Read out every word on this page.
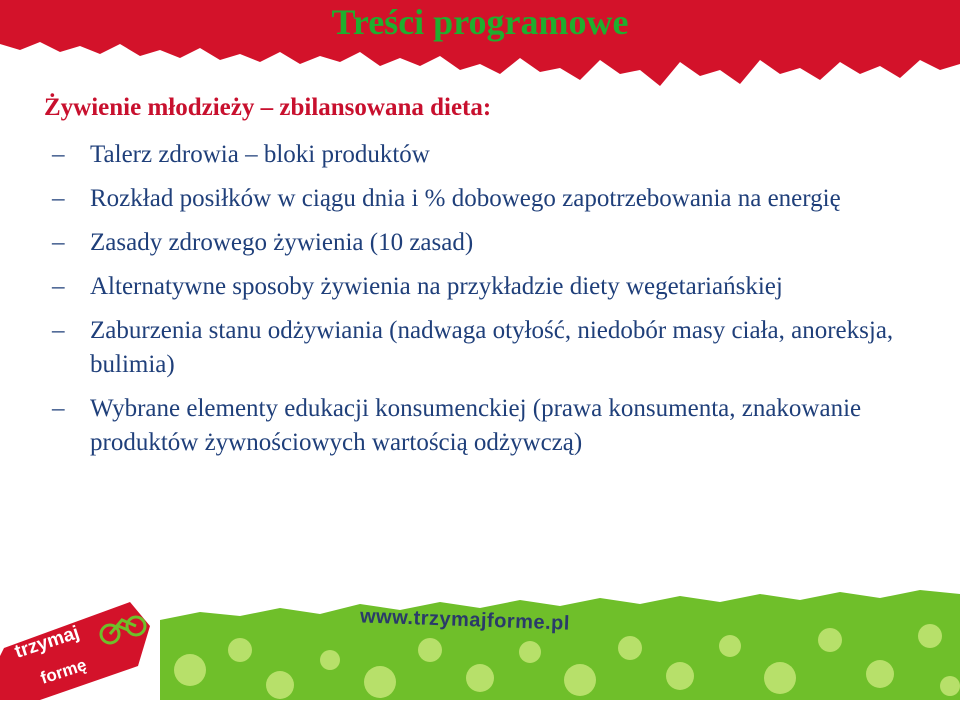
Treści programowe
Żywienie młodzieży – zbilansowana dieta:
–	Talerz zdrowia – bloki produktów
–	Rozkład posiłków w ciągu dnia i % dobowego zapotrzebowania na energię
–	Zasady zdrowego żywienia (10 zasad)
–	Alternatywne sposoby żywienia na przykładzie diety wegetariańskiej
–	Zaburzenia stanu odżywiania (nadwaga otyłość, niedobór masy ciała, anoreksja, bulimia)
–	Wybrane elementy edukacji konsumenckiej (prawa konsumenta, znakowanie produktów żywnościowych wartością odżywczą)
www.trzymajforme.pl
trzymaj
formę
